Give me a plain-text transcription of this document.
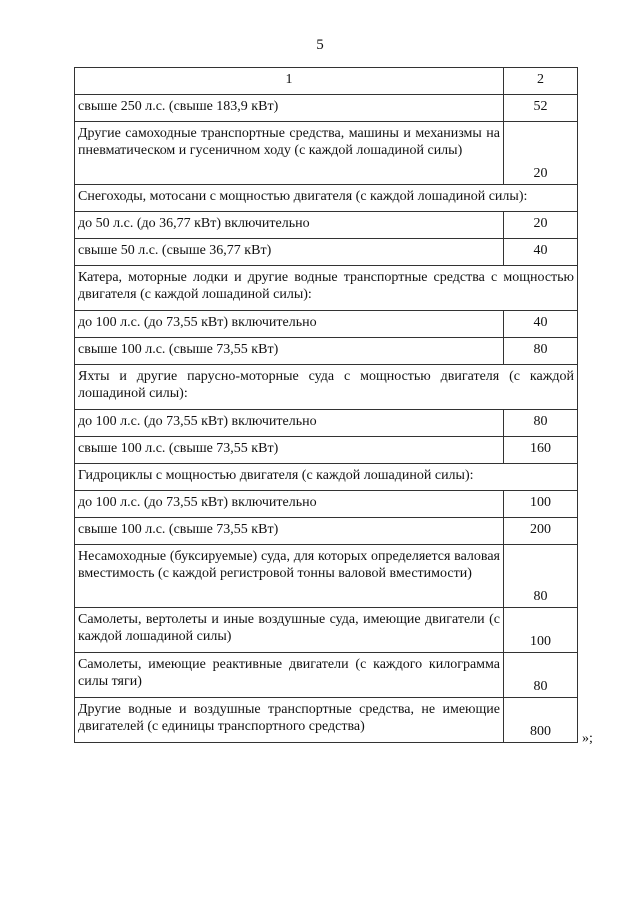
5
1	2
свыше 250 л.с. (свыше 183,9 кВт)	52
Другие самоходные транспортные средства, машины и механизмы на пневматическом и гусеничном ходу (с каждой лошадиной силы)	20
Снегоходы, мотосани с мощностью двигателя (с каждой лошадиной силы):	
до 50 л.с. (до 36,77 кВт) включительно	20
свыше 50 л.с. (свыше 36,77 кВт)	40
Катера, моторные лодки и другие водные транспортные средства с мощностью двигателя (с каждой лошадиной силы):	
до 100 л.с. (до 73,55 кВт) включительно	40
свыше 100 л.с. (свыше 73,55 кВт)	80
Яхты и другие парусно-моторные суда с мощностью двигателя (с каждой лошадиной силы):	
до 100 л.с. (до 73,55 кВт) включительно	80
свыше 100 л.с. (свыше 73,55 кВт)	160
Гидроциклы с мощностью двигателя (с каждой лошадиной силы):	
до 100 л.с. (до 73,55 кВт) включительно	100
свыше 100 л.с. (свыше 73,55 кВт)	200
Несамоходные (буксируемые) суда, для которых определяется валовая вместимость (с каждой регистровой тонны валовой вместимости)	80
Самолеты, вертолеты и иные воздушные суда, имеющие двигатели (с каждой лошадиной силы)	100
Самолеты, имеющие реактивные двигатели (с каждого килограмма силы тяги)	80
Другие водные и воздушные транспортные средства, не имеющие двигателей (с единицы транспортного средства)	800 »;
